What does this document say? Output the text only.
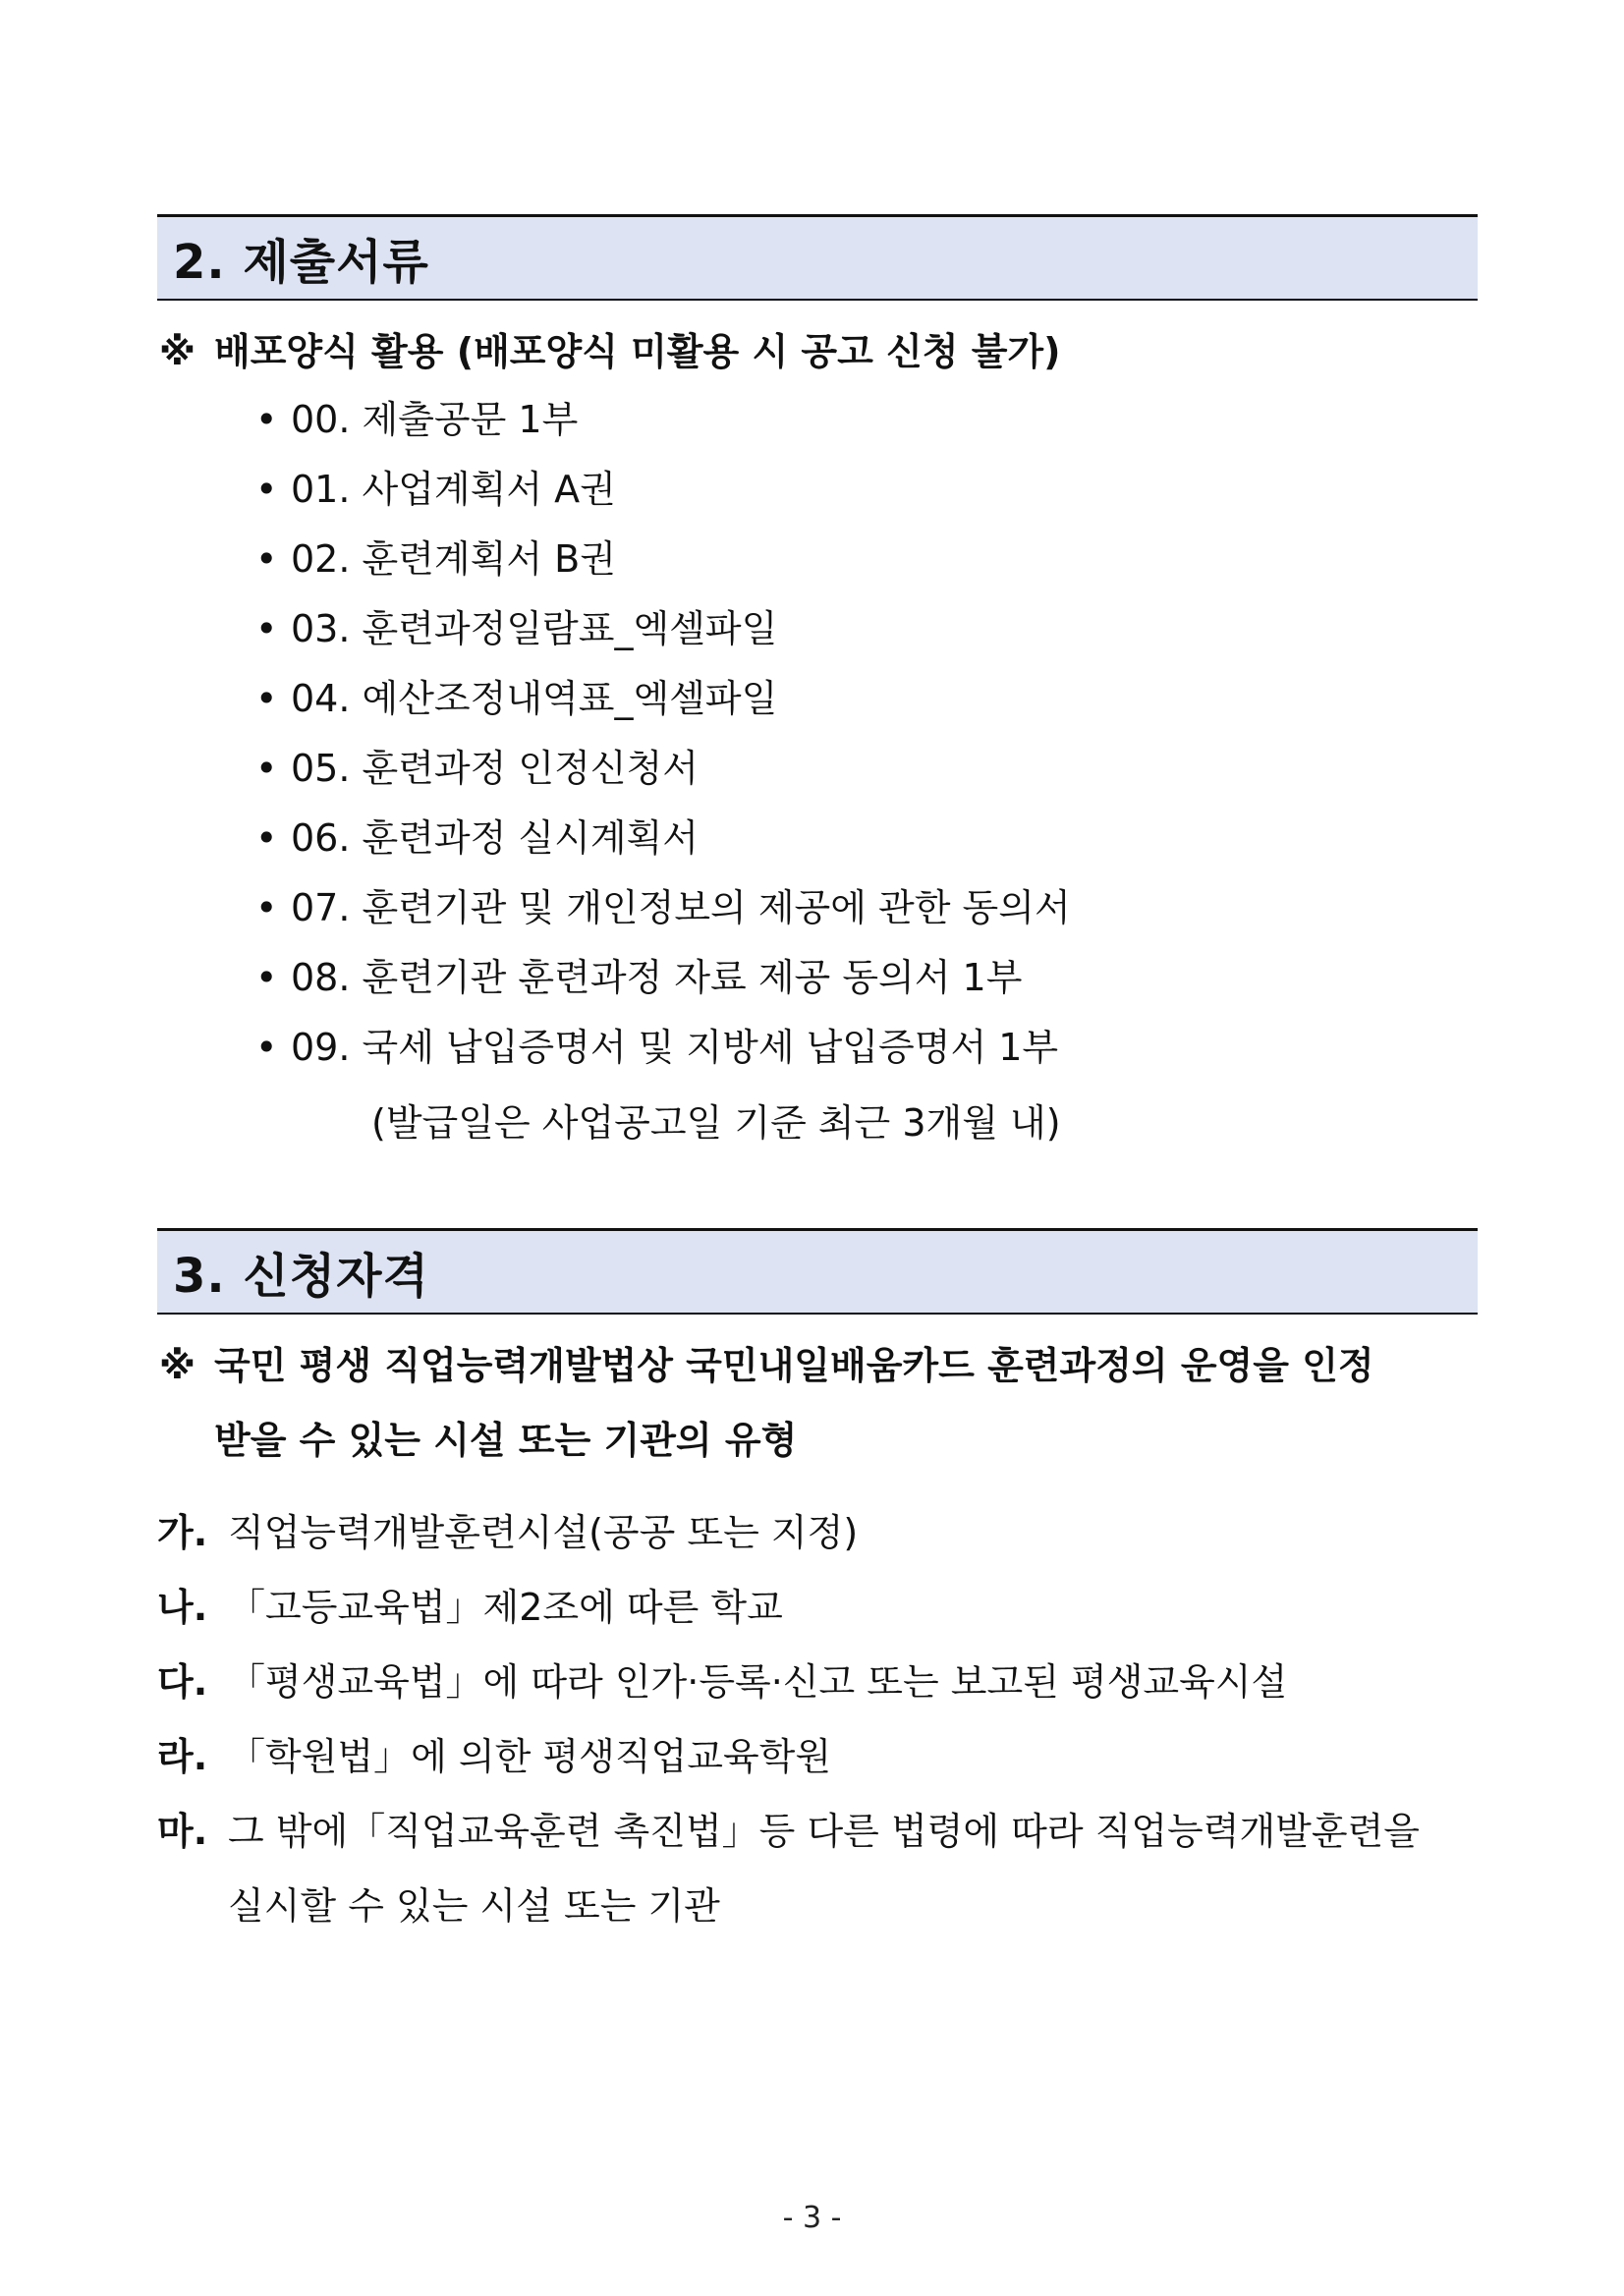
2. 제출서류
※ 배포양식 활용 (배포양식 미활용 시 공고 신청 불가)
• 00. 제출공문 1부
• 01. 사업계획서 A권
• 02. 훈련계획서 B권
• 03. 훈련과정일람표_엑셀파일
• 04. 예산조정내역표_엑셀파일
• 05. 훈련과정 인정신청서
• 06. 훈련과정 실시계획서
• 07. 훈련기관 및 개인정보의 제공에 관한 동의서
• 08. 훈련기관 훈련과정 자료 제공 동의서 1부
• 09. 국세 납입증명서 및 지방세 납입증명서 1부
(발급일은 사업공고일 기준 최근 3개월 내)
3. 신청자격
※ 국민 평생 직업능력개발법상 국민내일배움카드 훈련과정의 운영을 인정
받을 수 있는 시설 또는 기관의 유형
가. 직업능력개발훈련시설(공공 또는 지정)
나. 「고등교육법」제2조에 따른 학교
다. 「평생교육법」에 따라 인가·등록·신고 또는 보고된 평생교육시설
라. 「학원법」에 의한 평생직업교육학원
마. 그 밖에「직업교육훈련 촉진법」등 다른 법령에 따라 직업능력개발훈련을
실시할 수 있는 시설 또는 기관
- 3 -
